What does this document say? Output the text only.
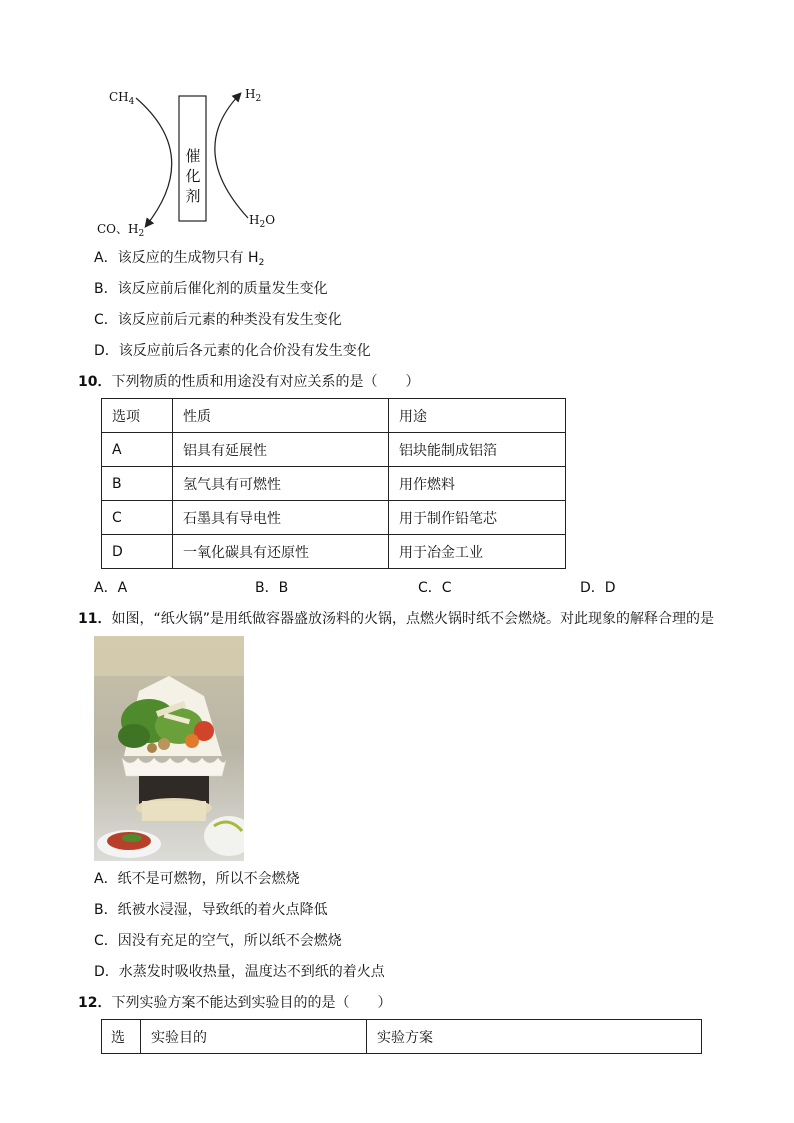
催
化
剂
$CH_4$
$H_2$
CO、$H_2$
$H_2O$
A．该反应的生成物只有 $H_2$
B．该反应前后催化剂的质量发生变化
C．该反应前后元素的种类没有发生变化
D．该反应前后各元素的化合价没有发生变化
10．下列物质的性质和用途没有对应关系的是（　　）
选项	性质	用途
A	铝具有延展性	铝块能制成铝箔
B	氢气具有可燃性	用作燃料
C	石墨具有导电性	用于制作铅笔芯
D	一氧化碳具有还原性	用于冶金工业
A．A	B．B	C．C	D．D
11．如图，“纸火锅”是用纸做容器盛放汤料的火锅，点燃火锅时纸不会燃烧。对此现象的解释合理的是
A．纸不是可燃物，所以不会燃烧
B．纸被水浸湿，导致纸的着火点降低
C．因没有充足的空气，所以纸不会燃烧
D．水蒸发时吸收热量，温度达不到纸的着火点
12．下列实验方案不能达到实验目的的是（　　）
选	实验目的	实验方案
